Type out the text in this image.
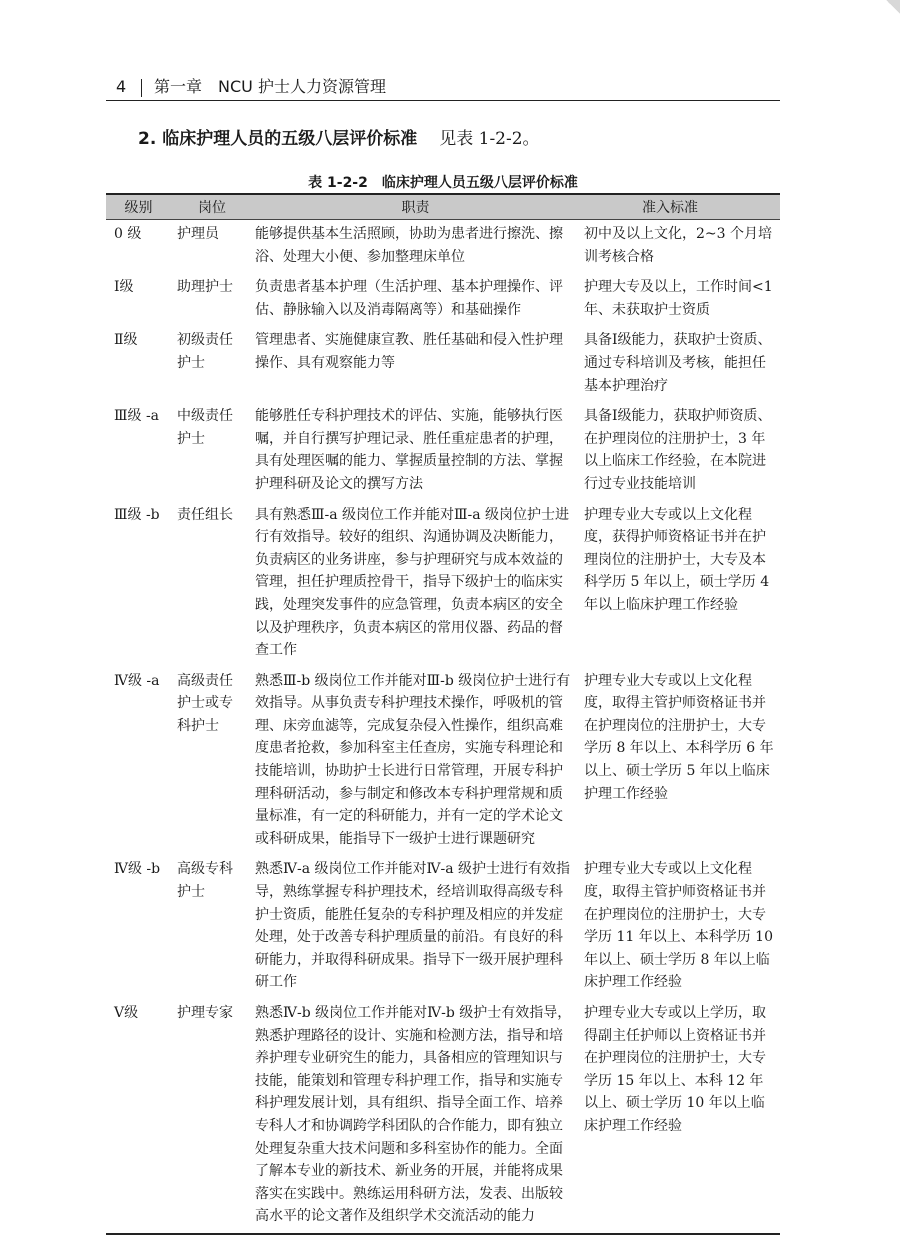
4 第一章　NCU 护士人力资源管理
2. 临床护理人员的五级八层评价标准 见表 1-2-2。
表 1-2-2 临床护理人员五级八层评价标准
级别	岗位	职责	准入标准
0 级	护理员	能够提供基本生活照顾，协助为患者进行擦洗、擦浴、处理大小便、参加整理床单位	初中及以上文化，2~3 个月培训考核合格
Ⅰ级	助理护士	负责患者基本护理（生活护理、基本护理操作、评估、静脉输入以及消毒隔离等）和基础操作	护理大专及以上，工作时间<1 年、未获取护士资质
Ⅱ级	初级责任护士	管理患者、实施健康宣教、胜任基础和侵入性护理操作、具有观察能力等	具备Ⅰ级能力，获取护士资质、通过专科培训及考核，能担任基本护理治疗
Ⅲ级 -a	中级责任护士	能够胜任专科护理技术的评估、实施，能够执行医嘱，并自行撰写护理记录、胜任重症患者的护理，具有处理医嘱的能力、掌握质量控制的方法、掌握护理科研及论文的撰写方法	具备Ⅰ级能力，获取护师资质、在护理岗位的注册护士，3 年以上临床工作经验，在本院进行过专业技能培训
Ⅲ级 -b	责任组长	具有熟悉Ⅲ-a 级岗位工作并能对Ⅲ-a 级岗位护士进行有效指导。较好的组织、沟通协调及决断能力，负责病区的业务讲座，参与护理研究与成本效益的管理，担任护理质控骨干，指导下级护士的临床实践，处理突发事件的应急管理，负责本病区的安全以及护理秩序，负责本病区的常用仪器、药品的督查工作	护理专业大专或以上文化程度，获得护师资格证书并在护理岗位的注册护士，大专及本科学历 5 年以上，硕士学历 4 年以上临床护理工作经验
Ⅳ级 -a	高级责任护士或专科护士	熟悉Ⅲ-b 级岗位工作并能对Ⅲ-b 级岗位护士进行有效指导。从事负责专科护理技术操作，呼吸机的管理、床旁血滤等，完成复杂侵入性操作，组织高难度患者抢救，参加科室主任查房，实施专科理论和技能培训，协助护士长进行日常管理，开展专科护理科研活动，参与制定和修改本专科护理常规和质量标准，有一定的科研能力，并有一定的学术论文或科研成果，能指导下一级护士进行课题研究	护理专业大专或以上文化程度，取得主管护师资格证书并在护理岗位的注册护士，大专学历 8 年以上、本科学历 6 年以上、硕士学历 5 年以上临床护理工作经验
Ⅳ级 -b	高级专科护士	熟悉Ⅳ-a 级岗位工作并能对Ⅳ-a 级护士进行有效指导，熟练掌握专科护理技术，经培训取得高级专科护士资质，能胜任复杂的专科护理及相应的并发症处理，处于改善专科护理质量的前沿。有良好的科研能力，并取得科研成果。指导下一级开展护理科研工作	护理专业大专或以上文化程度，取得主管护师资格证书并在护理岗位的注册护士，大专学历 11 年以上、本科学历 10 年以上、硕士学历 8 年以上临床护理工作经验
Ⅴ级	护理专家	熟悉Ⅳ-b 级岗位工作并能对Ⅳ-b 级护士有效指导，熟悉护理路径的设计、实施和检测方法，指导和培养护理专业研究生的能力，具备相应的管理知识与技能，能策划和管理专科护理工作，指导和实施专科护理发展计划，具有组织、指导全面工作、培养专科人才和协调跨学科团队的合作能力，即有独立处理复杂重大技术问题和多科室协作的能力。全面了解本专业的新技术、新业务的开展，并能将成果落实在实践中。熟练运用科研方法，发表、出版较高水平的论文著作及组织学术交流活动的能力	护理专业大专或以上学历，取得副主任护师以上资格证书并在护理岗位的注册护士，大专学历 15 年以上、本科 12 年以上、硕士学历 10 年以上临床护理工作经验
